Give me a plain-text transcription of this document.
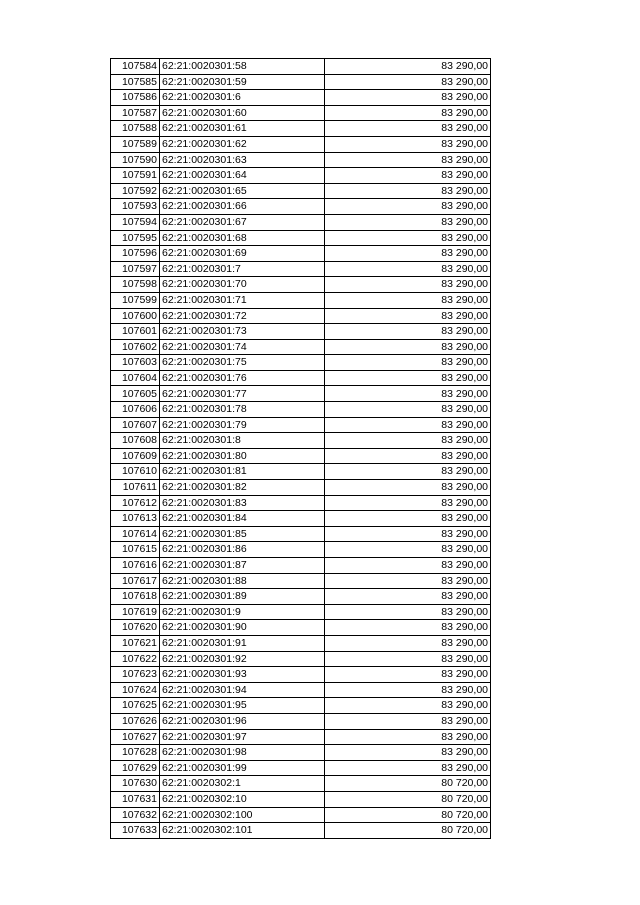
107584	62:21:0020301:58	83 290,00
107585	62:21:0020301:59	83 290,00
107586	62:21:0020301:6	83 290,00
107587	62:21:0020301:60	83 290,00
107588	62:21:0020301:61	83 290,00
107589	62:21:0020301:62	83 290,00
107590	62:21:0020301:63	83 290,00
107591	62:21:0020301:64	83 290,00
107592	62:21:0020301:65	83 290,00
107593	62:21:0020301:66	83 290,00
107594	62:21:0020301:67	83 290,00
107595	62:21:0020301:68	83 290,00
107596	62:21:0020301:69	83 290,00
107597	62:21:0020301:7	83 290,00
107598	62:21:0020301:70	83 290,00
107599	62:21:0020301:71	83 290,00
107600	62:21:0020301:72	83 290,00
107601	62:21:0020301:73	83 290,00
107602	62:21:0020301:74	83 290,00
107603	62:21:0020301:75	83 290,00
107604	62:21:0020301:76	83 290,00
107605	62:21:0020301:77	83 290,00
107606	62:21:0020301:78	83 290,00
107607	62:21:0020301:79	83 290,00
107608	62:21:0020301:8	83 290,00
107609	62:21:0020301:80	83 290,00
107610	62:21:0020301:81	83 290,00
107611	62:21:0020301:82	83 290,00
107612	62:21:0020301:83	83 290,00
107613	62:21:0020301:84	83 290,00
107614	62:21:0020301:85	83 290,00
107615	62:21:0020301:86	83 290,00
107616	62:21:0020301:87	83 290,00
107617	62:21:0020301:88	83 290,00
107618	62:21:0020301:89	83 290,00
107619	62:21:0020301:9	83 290,00
107620	62:21:0020301:90	83 290,00
107621	62:21:0020301:91	83 290,00
107622	62:21:0020301:92	83 290,00
107623	62:21:0020301:93	83 290,00
107624	62:21:0020301:94	83 290,00
107625	62:21:0020301:95	83 290,00
107626	62:21:0020301:96	83 290,00
107627	62:21:0020301:97	83 290,00
107628	62:21:0020301:98	83 290,00
107629	62:21:0020301:99	83 290,00
107630	62:21:0020302:1	80 720,00
107631	62:21:0020302:10	80 720,00
107632	62:21:0020302:100	80 720,00
107633	62:21:0020302:101	80 720,00
